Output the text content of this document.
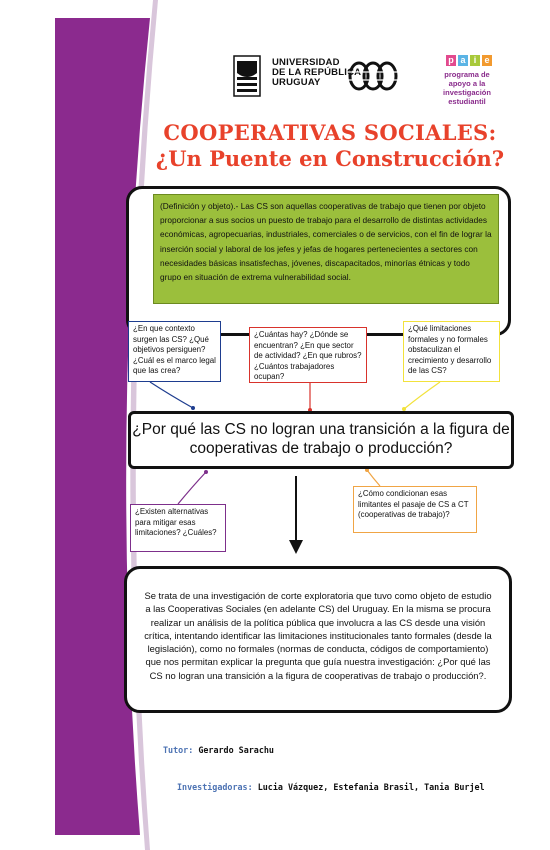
UNIVERSIDAD
DE LA REPÚBLICA
URUGUAY
p a i e
programa de
apoyo a la
investigación
estudiantil
COOPERATIVAS SOCIALES:
¿Un Puente en Construcción?
(Definición y objeto).- Las CS son aquellas cooperativas de trabajo que tienen por objeto proporcionar a sus socios un puesto de trabajo para el desarrollo de distintas actividades económicas, agropecuarias, industriales, comerciales o de servicios, con el fin de lograr la inserción social y laboral de los jefes y jefas de hogares pertenecientes a sectores con necesidades básicas insatisfechas, jóvenes, discapacitados, minorías étnicas y todo grupo en situación de extrema vulnerabilidad social.
¿En que contexto surgen las CS? ¿Qué objetivos persiguen? ¿Cuál es el marco legal que las crea?
¿Cuántas hay? ¿Dónde se encuentran? ¿En que sector de actividad? ¿En que rubros? ¿Cuántos trabajadores ocupan?
¿Qué limitaciones formales y no formales obstaculizan el crecimiento y desarrollo de las CS?
¿Por qué las CS no logran una transición a la figura de cooperativas de trabajo o producción?
¿Existen alternativas para mitigar esas limitaciones? ¿Cuáles?
¿Cómo condicionan esas limitantes el pasaje de CS a CT (cooperativas de trabajo)?
Se trata de una investigación de corte exploratoria que tuvo como objeto de estudio a las Cooperativas Sociales (en adelante CS) del Uruguay. En la misma se procura realizar un análisis de la política pública que involucra a las CS desde una visión crítica, intentando identificar las limitaciones institucionales tanto formales (desde la legislación), como no formales (normas de conducta, códigos de comportamiento) que nos permitan explicar la pregunta que guía nuestra investigación: ¿Por qué las CS no logran una transición a la figura de cooperativas de trabajo o producción?.
Tutor: Gerardo Sarachu
Investigadoras: Lucia Vázquez, Estefania Brasil, Tania Burjel
